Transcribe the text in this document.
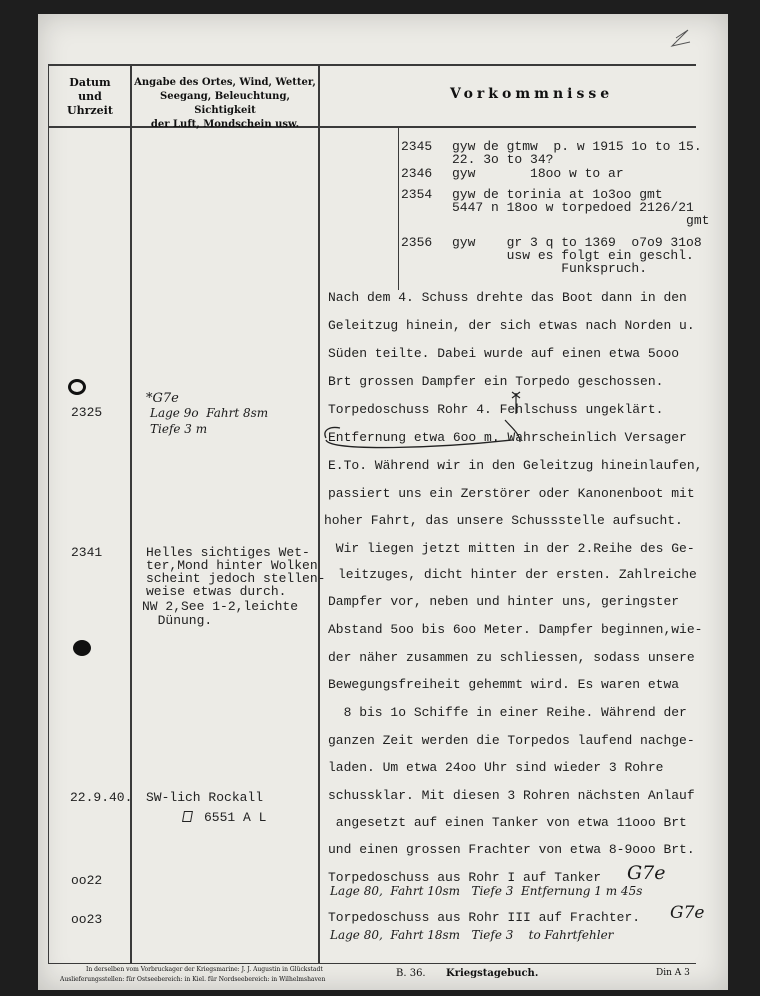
Datum
und
Uhrzeit
Angabe des Ortes, Wind, Wetter,
Seegang, Beleuchtung, Sichtigkeit
der Luft, Mondschein usw.
Vorkommnisse
2345 gyw de gtmw  p. w 1915 1o to 15.
22. 3o to 34?
2346 gyw       18oo w to ar
2354 gyw de torinia at 1o3oo gmt
5447 n 18oo w torpedoed 2126/21
gmt
2356 gyw    gr 3 q to 1369  o7o9 31o8
usw es folgt ein geschl.
Funkspruch.
Nach dem 4. Schuss drehte das Boot dann in den
Geleitzug hinein, der sich etwas nach Norden u.
Süden teilte. Dabei wurde auf einen etwa 5ooo
Brt grossen Dampfer ein Torpedo geschossen.
Torpedoschuss Rohr 4. Fehlschuss ungeklärt.
Entfernung etwa 6oo m. Wahrscheinlich Versager
E.To. Während wir in den Geleitzug hineinlaufen,
passiert uns ein Zerstörer oder Kanonenboot mit
hoher Fahrt, das unsere Schussstelle aufsucht.
Wir liegen jetzt mitten in der 2.Reihe des Ge-
leitzuges, dicht hinter der ersten. Zahlreiche
Dampfer vor, neben und hinter uns, geringster
Abstand 5oo bis 6oo Meter. Dampfer beginnen,wie-
der näher zusammen zu schliessen, sodass unsere
Bewegungsfreiheit gehemmt wird. Es waren etwa
8 bis 1o Schiffe in einer Reihe. Während der
ganzen Zeit werden die Torpedos laufend nachge-
laden. Um etwa 24oo Uhr sind wieder 3 Rohre
schussklar. Mit diesen 3 Rohren nächsten Anlauf
angesetzt auf einen Tanker von etwa 11ooo Brt
und einen grossen Frachter von etwa 8-9ooo Brt.
Torpedoschuss aus Rohr I auf Tanker
Torpedoschuss aus Rohr III auf Frachter.
G7e
Lage 80,  Fahrt 10sm   Tiefe 3  Entfernung 1 m 45s
G7e
Lage 80,  Fahrt 18sm   Tiefe 3    to Fahrtfehler
2325
2341
22.9.40.
oo22
oo23
*G7e
Lage 9o  Fahrt 8sm
Tiefe 3 m
Helles sichtiges Wet-
ter,Mond hinter Wolken
scheint jedoch stellen-
weise etwas durch.
NW 2,See 1-2,leichte
Dünung.
SW-lich Rockall
6551 A L
In derselben vom Vorbruckager der Kriegsmarine: J. J. Augustin in Glückstadt
Auslieferungsstellen: für Ostseebereich: in Kiel. für Nordseebereich: in Wilhelmshaven
B. 36. Kriegstagebuch.	Din A 3
